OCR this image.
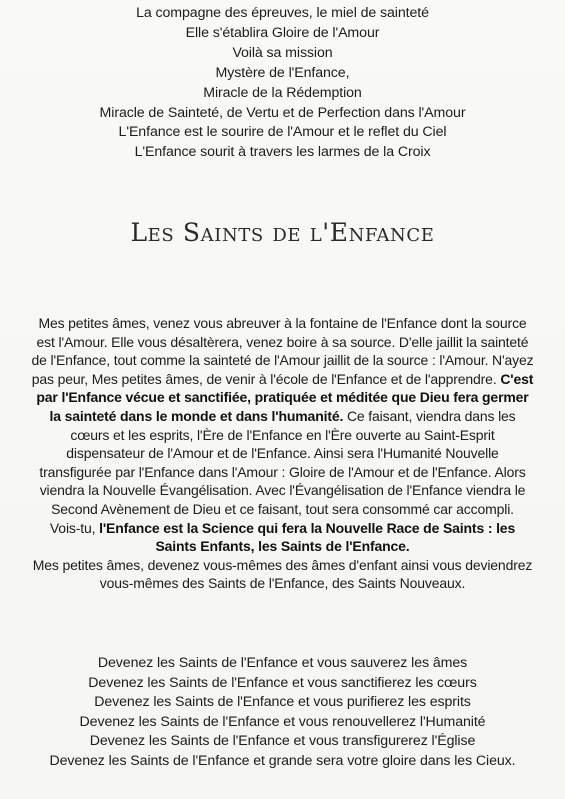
La compagne des épreuves, le miel de sainteté
Elle s'établira Gloire de l'Amour
Voilà sa mission
Mystère de l'Enfance,
Miracle de la Rédemption
Miracle de Sainteté, de Vertu et de Perfection dans l'Amour
L'Enfance est le sourire de l'Amour et le reflet du Ciel
L'Enfance sourit à travers les larmes de la Croix
Les Saints de l'Enfance
Mes petites âmes, venez vous abreuver à la fontaine de l'Enfance dont la source
est l'Amour. Elle vous désaltèrera, venez boire à sa source. D'elle jaillit la sainteté
de l'Enfance, tout comme la sainteté de l'Amour jaillit de la source : l'Amour. N'ayez
pas peur, Mes petites âmes, de venir à l'école de l'Enfance et de l'apprendre. C'est
par l'Enfance vécue et sanctifiée, pratiquée et méditée que Dieu fera germer
la sainteté dans le monde et dans l'humanité. Ce faisant, viendra dans les
cœurs et les esprits, l'Ère de l'Enfance en l'Ère ouverte au Saint-Esprit
dispensateur de l'Amour et de l'Enfance. Ainsi sera l'Humanité Nouvelle
transfigurée par l'Enfance dans l'Amour : Gloire de l'Amour et de l'Enfance. Alors
viendra la Nouvelle Évangélisation. Avec l'Évangélisation de l'Enfance viendra le
Second Avènement de Dieu et ce faisant, tout sera consommé car accompli.
Vois-tu, l'Enfance est la Science qui fera la Nouvelle Race de Saints : les
Saints Enfants, les Saints de l'Enfance.
Mes petites âmes, devenez vous-mêmes des âmes d'enfant ainsi vous deviendrez
vous-mêmes des Saints de l'Enfance, des Saints Nouveaux.
Devenez les Saints de l'Enfance et vous sauverez les âmes
Devenez les Saints de l'Enfance et vous sanctifierez les cœurs
Devenez les Saints de l'Enfance et vous purifierez les esprits
Devenez les Saints de l'Enfance et vous renouvellerez l'Humanité
Devenez les Saints de l'Enfance et vous transfigurerez l'Église
Devenez les Saints de l'Enfance et grande sera votre gloire dans les Cieux.
